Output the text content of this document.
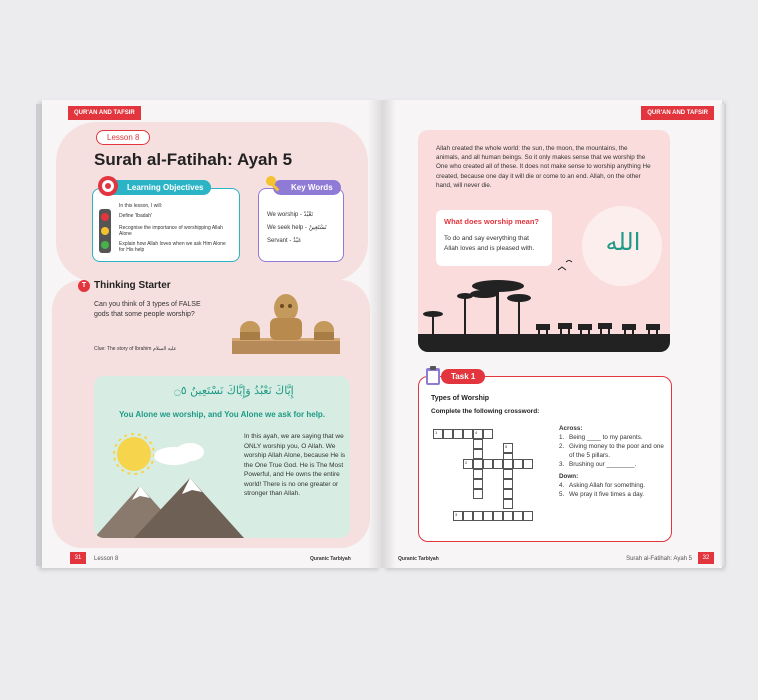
QUR'AN AND TAFSIR
Lesson 8
Surah al-Fatihah: Ayah 5
Learning Objectives
In this lesson, I will:
Define 'Ibadah'
Recognise the importance of worshipping Allah Alone
Explain how Allah loves when we ask Him Alone for His help
Key Words
We worship - نَعْبُدُ
We seek help - نَسْتَعِينُ
Servant - عَبْدٌ
T Thinking Starter
Can you think of 3 types of FALSE gods that some people worship?
Clue: The story of Ibrahim عليه السلام
إِيَّاكَ نَعْبُدُ وَإِيَّاكَ نَسْتَعِينُ ۝٥
You Alone we worship, and You Alone we ask for help.
In this ayah, we are saying that we ONLY worship you, O Allah. We worship Allah Alone, because He is the One True God. He is The Most Powerful, and He owns the entire world! There is no one greater or stronger than Allah.
31	Lesson 8	Quranic Tarbiyah
QUR'AN AND TAFSIR
Allah created the whole world: the sun, the moon, the mountains, the animals, and all human beings. So it only makes sense that we worship the One who created all of these. It does not make sense to worship anything He created, because one day it will die or come to an end. Allah, on the other hand, will never die.
الله
What does worship mean?
To do and say everything that Allah loves and is pleased with.
Task 1
Types of Worship
Complete the following crossword:
1	4
5
2
3
Across:
1. Being ____ to my parents.
2. Giving money to the poor and one of the 5 pillars.
3. Brushing our ________.
Down:
4. Asking Allah for something.
5. We pray it five times a day.
Quranic Tarbiyah	Surah al-Fatihah: Ayah 5	32
